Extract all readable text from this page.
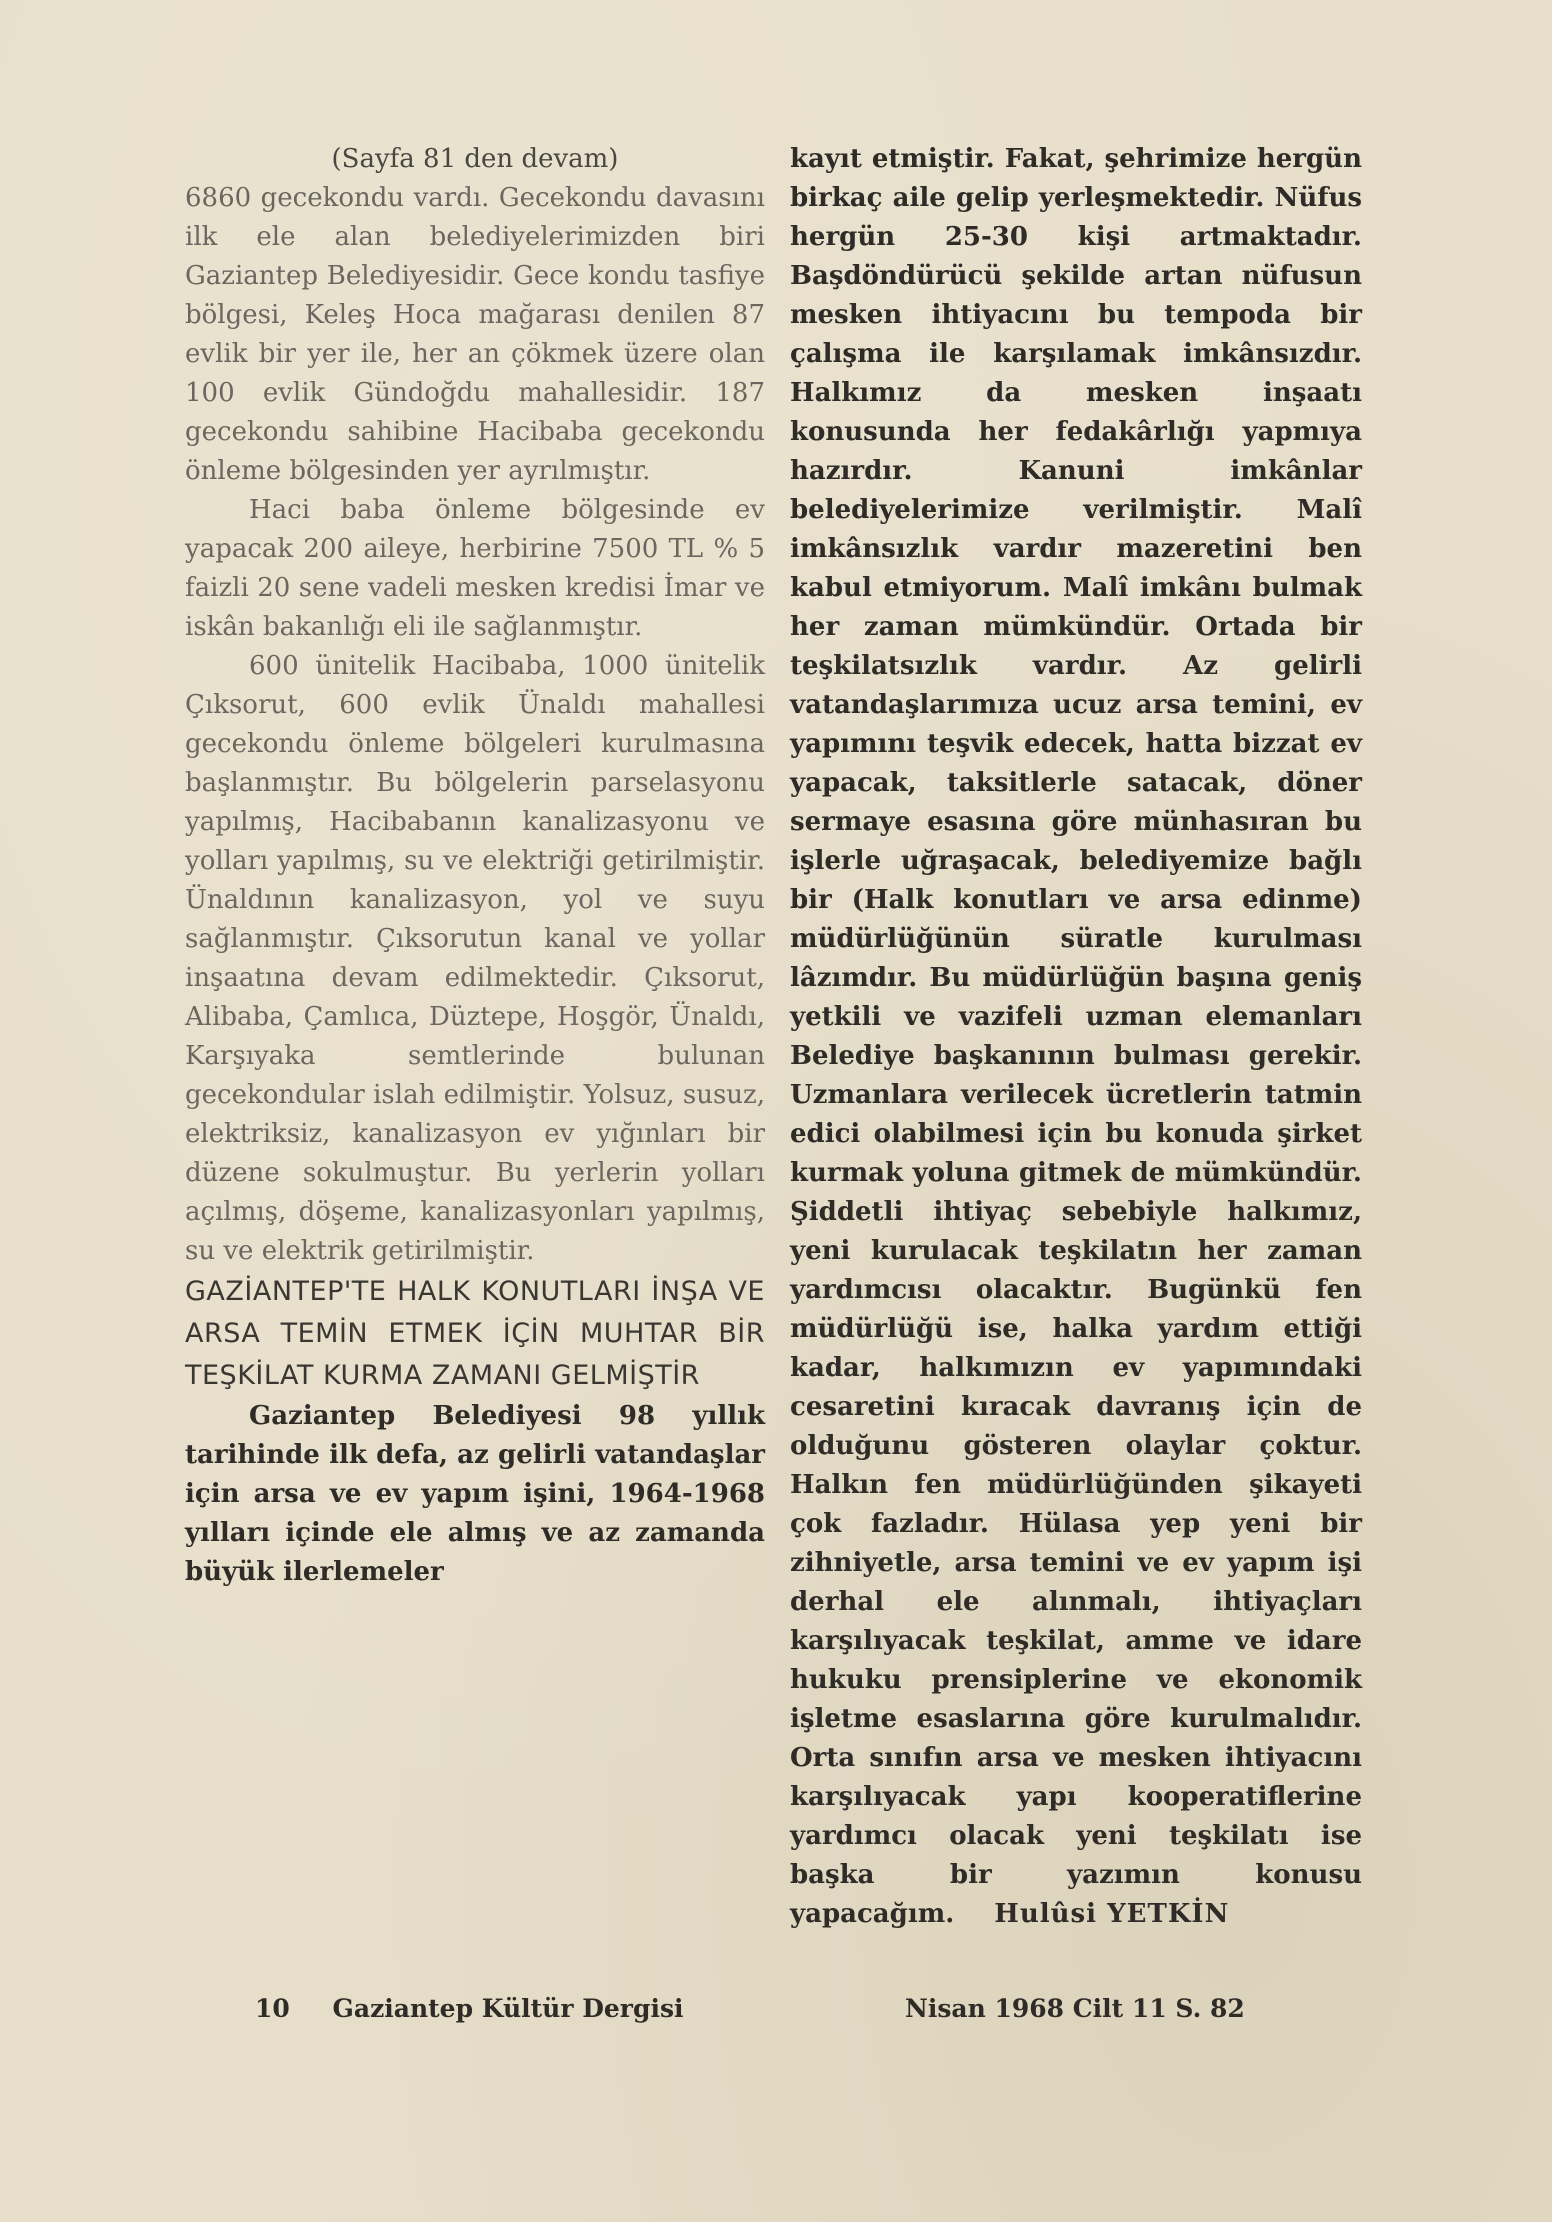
(Sayfa 81 den devam)

6860 gecekondu vardı. Gecekondu davasını ilk ele alan belediyelerimizden biri Gaziantep Belediyesidir. Gece kondu tasfiye bölgesi, Keleş Hoca mağarası denilen 87 evlik bir yer ile, her an çökmek üzere olan 100 evlik Gündoğdu mahallesidir. 187 gecekondu sahibine Hacibaba gecekondu önleme bölgesinden yer ayrılmıştır.

Haci baba önleme bölgesinde ev yapacak 200 aileye, herbirine 7500 TL % 5 faizli 20 sene vadeli mesken kredisi İmar ve iskân bakanlığı eli ile sağlanmıştır.

600 ünitelik Hacibaba, 1000 ünitelik Çıksorut, 600 evlik Ünaldı mahallesi gecekondu önleme bölgeleri kurulmasına başlanmıştır. Bu bölgelerin parselasyonu yapılmış, Hacibabanın kanalizasyonu ve yolları yapılmış, su ve elektriği getirilmiştir. Ünaldının kanalizasyon, yol ve suyu sağlanmıştır. Çıksorutun kanal ve yollar inşaatına devam edilmektedir. Çıksorut, Alibaba, Çamlıca, Düztepe, Hoşgör, Ünaldı, Karşıyaka semtlerinde bulunan gecekondular islah edilmiştir. Yolsuz, susuz, elektriksiz, kanalizasyon ev yığınları bir düzene sokulmuştur. Bu yerlerin yolları açılmış, döşeme, kanalizasyonları yapılmış, su ve elektrik getirilmiştir.

GAZİANTEP'TE HALK KONUTLARI İNŞA VE ARSA TEMİN ETMEK İÇİN MUHTAR BİR TEŞKİLAT KURMA ZAMANI GELMİŞTİR

Gaziantep Belediyesi 98 yıllık tarihinde ilk defa, az gelirli vatandaşlar için arsa ve ev yapım işini, 1964-1968 yılları içinde ele almış ve az zamanda büyük ilerlemeler

kayıt etmiştir. Fakat, şehrimize hergün birkaç aile gelip yerleşmektedir. Nüfus hergün 25-30 kişi artmaktadır. Başdöndürücü şekilde artan nüfusun mesken ihtiyacını bu tempoda bir çalışma ile karşılamak imkânsızdır. Halkımız da mesken inşaatı konusunda her fedakârlığı yapmıya hazırdır. Kanuni imkânlar belediyelerimize verilmiştir. Malî imkânsızlık vardır mazeretini ben kabul etmiyorum. Malî imkânı bulmak her zaman mümkündür. Ortada bir teşkilatsızlık vardır. Az gelirli vatandaşlarımıza ucuz arsa temini, ev yapımını teşvik edecek, hatta bizzat ev yapacak, taksitlerle satacak, döner sermaye esasına göre münhasıran bu işlerle uğraşacak, belediyemize bağlı bir (Halk konutları ve arsa edinme) müdürlüğünün süratle kurulması lâzımdır. Bu müdürlüğün başına geniş yetkili ve vazifeli uzman elemanları Belediye başkanının bulması gerekir. Uzmanlara verilecek ücretlerin tatmin edici olabilmesi için bu konuda şirket kurmak yoluna gitmek de mümkündür. Şiddetli ihtiyaç sebebiyle halkımız, yeni kurulacak teşkilatın her zaman yardımcısı olacaktır. Bugünkü fen müdürlüğü ise, halka yardım ettiği kadar, halkımızın ev yapımındaki cesaretini kıracak davranış için de olduğunu gösteren olaylar çoktur. Halkın fen müdürlüğünden şikayeti çok fazladır. Hülasa yep yeni bir zihniyetle, arsa temini ve ev yapım işi derhal ele alınmalı, ihtiyaçları karşılıyacak teşkilat, amme ve idare hukuku prensiplerine ve ekonomik işletme esaslarına göre kurulmalıdır. Orta sınıfın arsa ve mesken ihtiyacını karşılıyacak yapı kooperatiflerine yardımcı olacak yeni teşkilatı ise başka bir yazımın konusu yapacağım. Hulûsi YETKİN

10 Gaziantep Kültür Dergisi	Nisan 1968 Cilt 11 S. 82
